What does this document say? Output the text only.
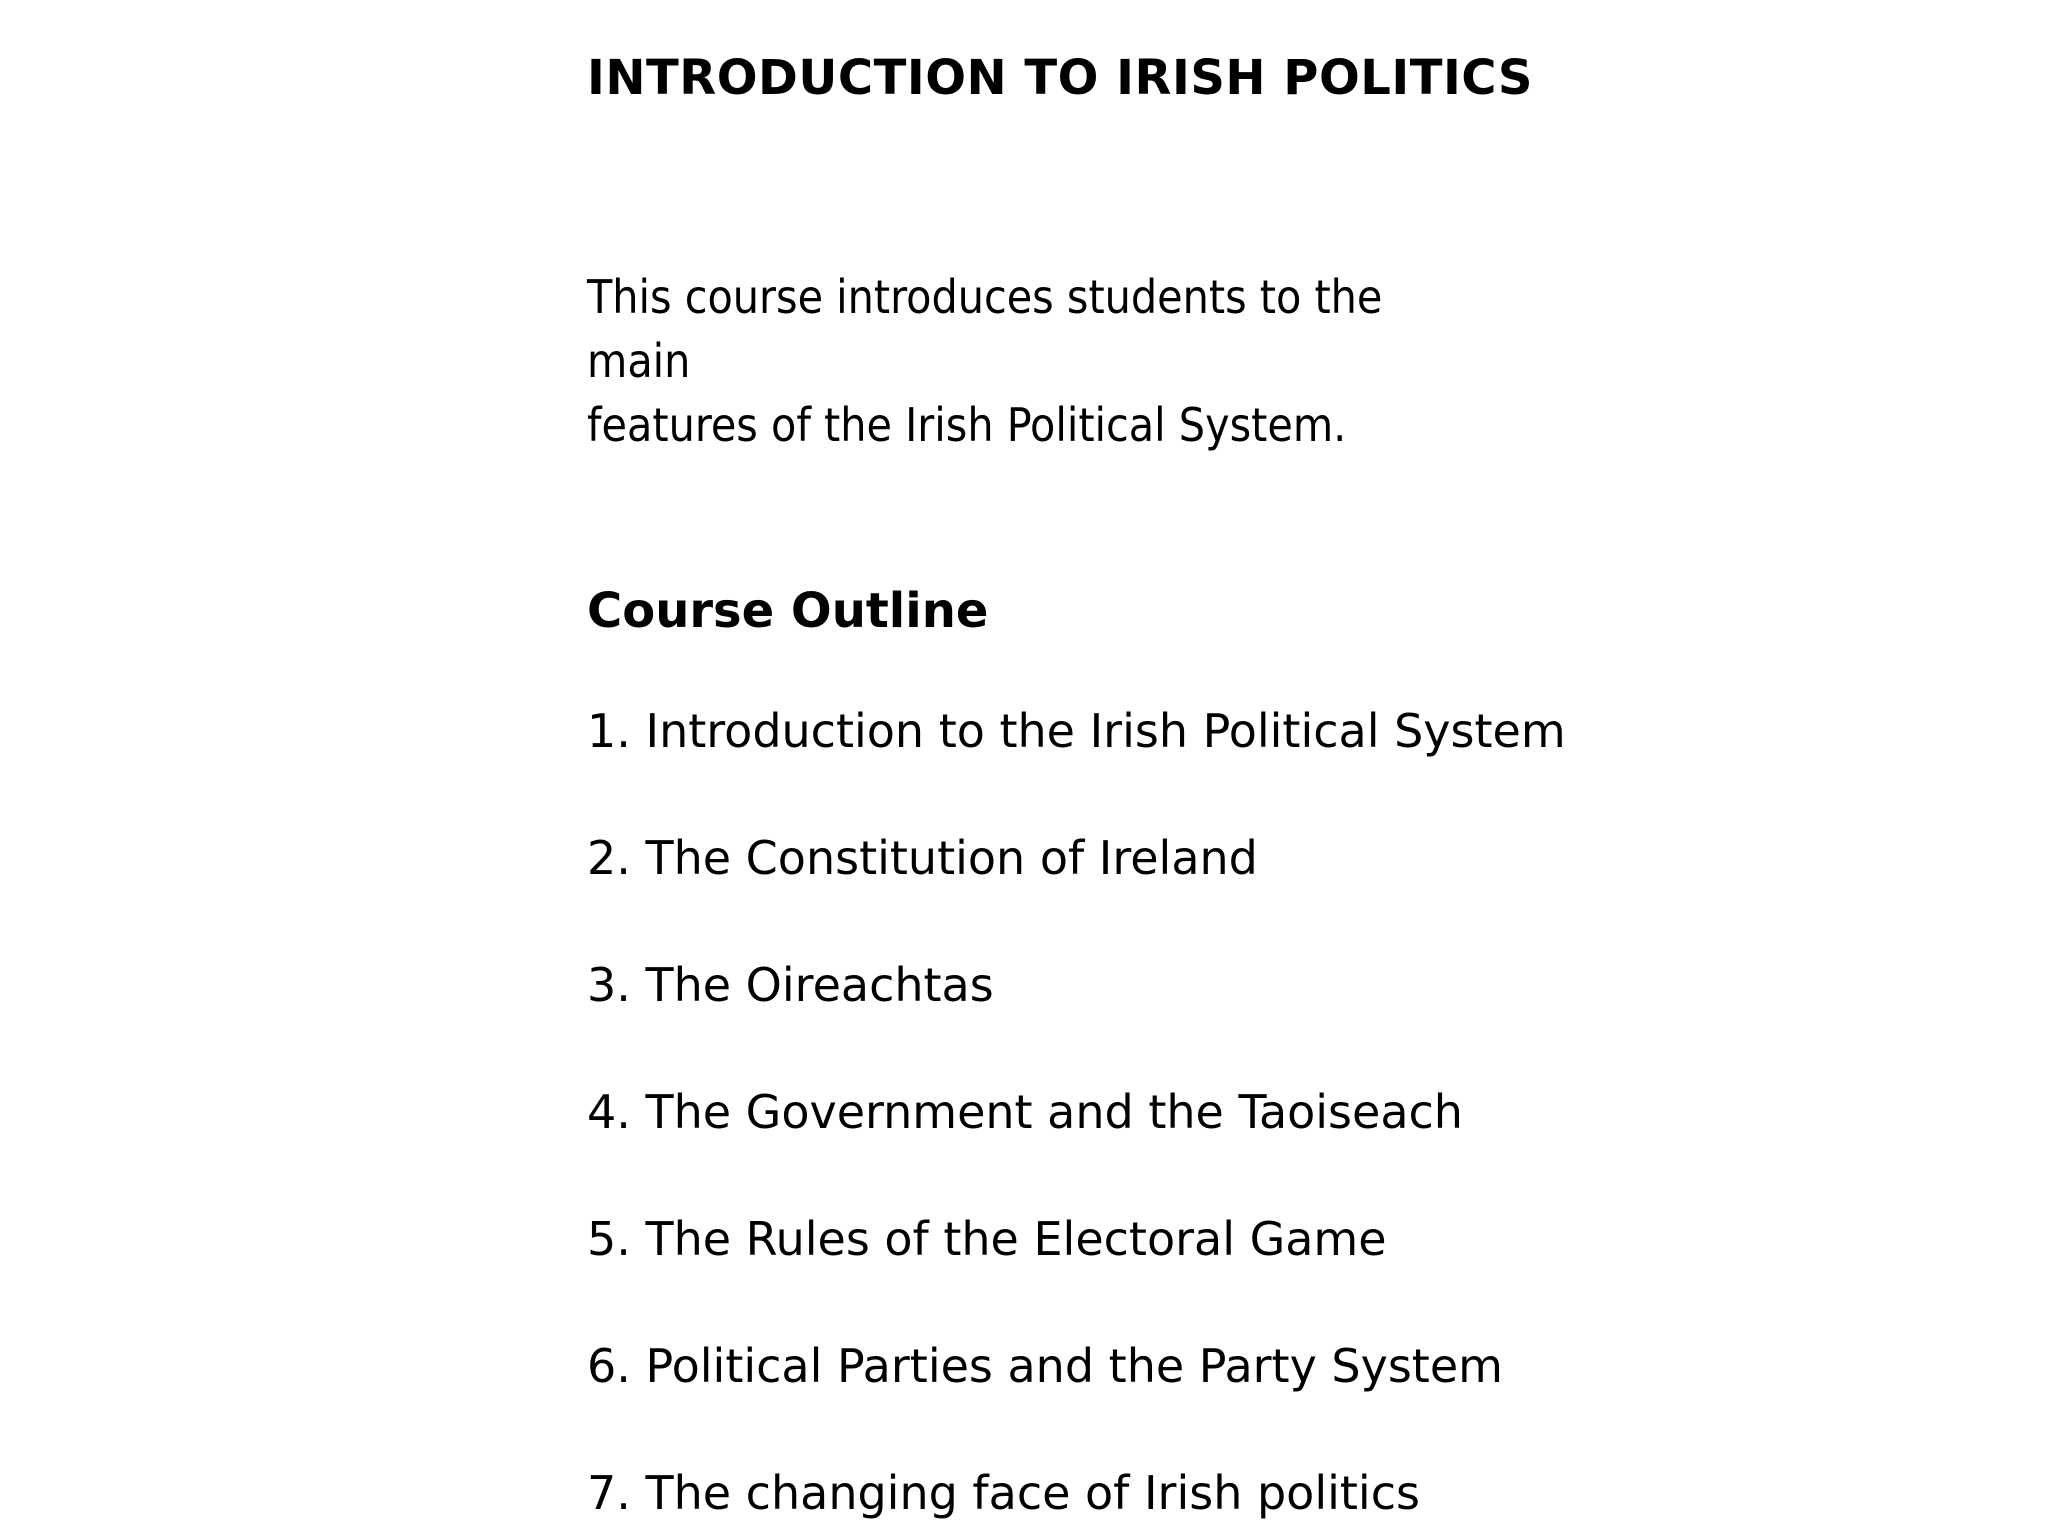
INTRODUCTION TO IRISH POLITICS

This course introduces students to the main
features of the Irish Political System.

Course Outline
1. Introduction to the Irish Political System
2. The Constitution of Ireland
3. The Oireachtas
4. The Government and the Taoiseach
5. The Rules of the Electoral Game
6. Political Parties and the Party System
7. The changing face of Irish politics
